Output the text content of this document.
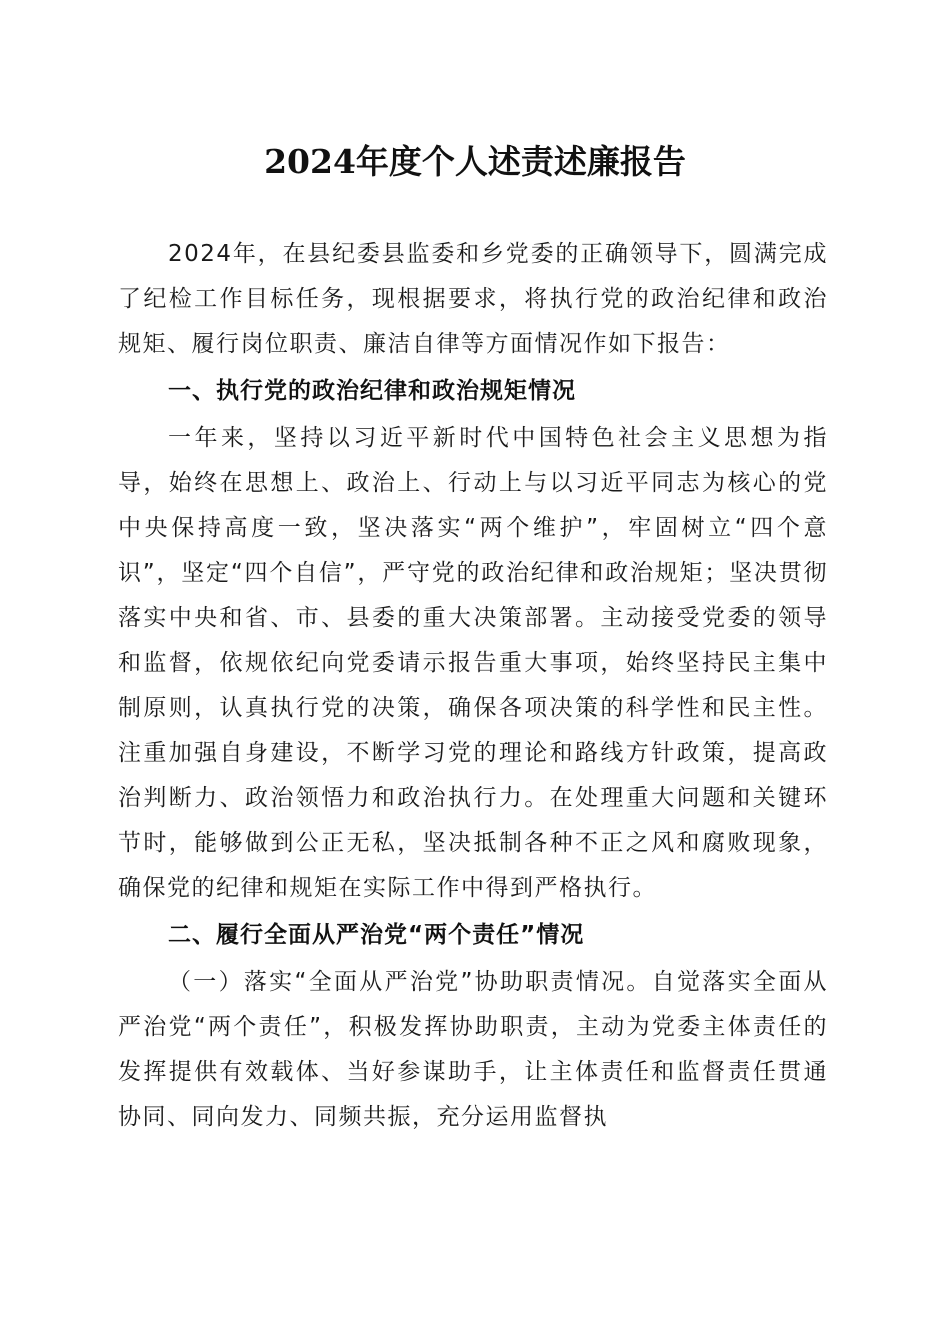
2024年度个人述责述廉报告

2024年，在县纪委县监委和乡党委的正确领导下，圆满完成了纪检工作目标任务，现根据要求，将执行党的政治纪律和政治规矩、履行岗位职责、廉洁自律等方面情况作如下报告：

一、执行党的政治纪律和政治规矩情况

一年来，坚持以习近平新时代中国特色社会主义思想为指导，始终在思想上、政治上、行动上与以习近平同志为核心的党中央保持高度一致，坚决落实“两个维护”，牢固树立“四个意识”，坚定“四个自信”，严守党的政治纪律和政治规矩；坚决贯彻落实中央和省、市、县委的重大决策部署。主动接受党委的领导和监督，依规依纪向党委请示报告重大事项，始终坚持民主集中制原则，认真执行党的决策，确保各项决策的科学性和民主性。注重加强自身建设，不断学习党的理论和路线方针政策，提高政治判断力、政治领悟力和政治执行力。在处理重大问题和关键环节时，能够做到公正无私，坚决抵制各种不正之风和腐败现象，确保党的纪律和规矩在实际工作中得到严格执行。

二、履行全面从严治党“两个责任”情况

（一）落实“全面从严治党”协助职责情况。自觉落实全面从严治党“两个责任”，积极发挥协助职责，主动为党委主体责任的发挥提供有效载体、当好参谋助手，让主体责任和监督责任贯通协同、同向发力、同频共振，充分运用监督执
